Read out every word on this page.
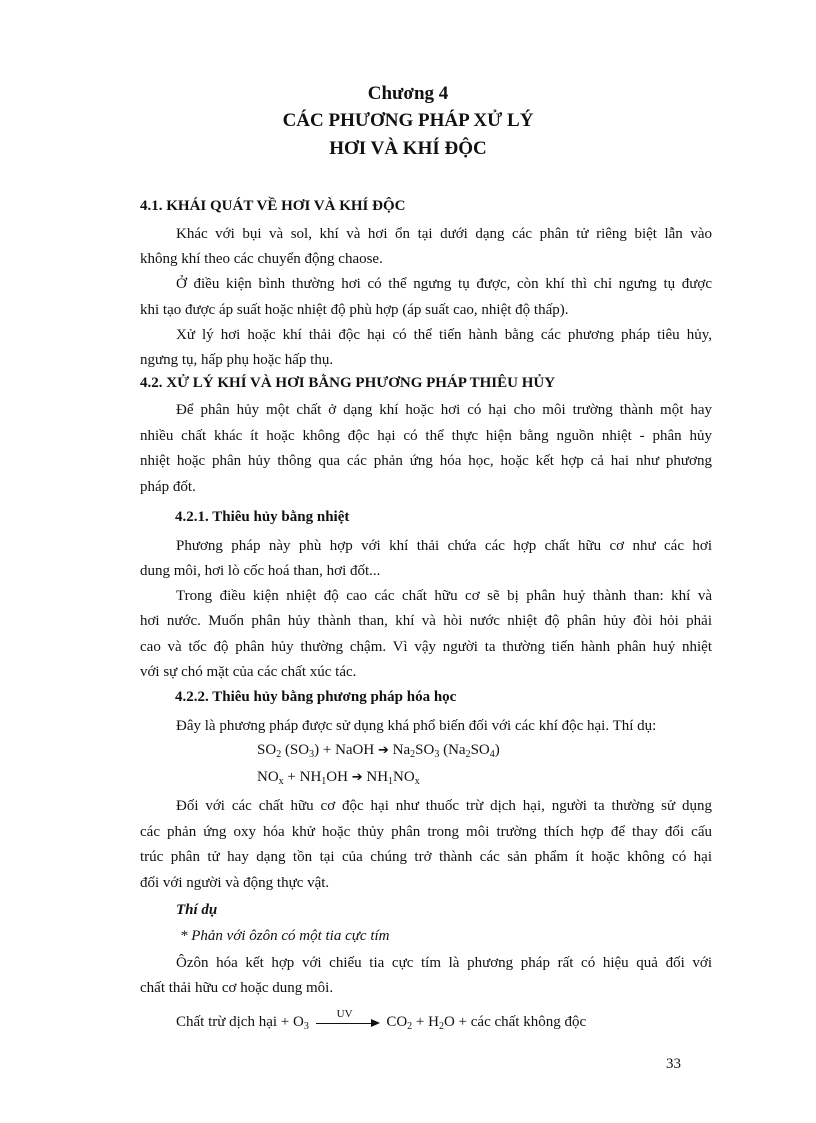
Chương 4
CÁC PHƯƠNG PHÁP XỬ LÝ
HƠI VÀ KHÍ ĐỘC
4.1. KHÁI QUÁT VỀ HƠI VÀ KHÍ ĐỘC
Khác với bụi và sol, khí và hơi ổn tại dưới dạng các phân tử riêng biệt lẫn vào
không khí theo các chuyển động chaose.
Ở điều kiện bình thường hơi có thể ngưng tụ được, còn khí thì chỉ ngưng tụ được
khi tạo được áp suất hoặc nhiệt độ phù hợp (áp suất cao, nhiệt độ thấp).
Xử lý hơi hoặc khí thải độc hại có thể tiến hành bằng các phương pháp tiêu hủy,
ngưng tụ, hấp phụ hoặc hấp thụ.
4.2. XỬ LÝ KHÍ VÀ HƠI BẰNG PHƯƠNG PHÁP THIÊU HỦY
Để phân hủy một chất ở dạng khí hoặc hơi có hại cho môi trường thành một hay
nhiều chất khác ít hoặc không độc hại có thể thực hiện bằng nguồn nhiệt - phân hủy
nhiệt hoặc phân hủy thông qua các phản ứng hóa học, hoặc kết hợp cả hai như phương
pháp đốt.
4.2.1. Thiêu hủy bằng nhiệt
Phương pháp này phù hợp với khí thải chứa các hợp chất hữu cơ như các hơi
dung môi, hơi lò cốc hoá than, hơi đốt...
Trong điều kiện nhiệt độ cao các chất hữu cơ sẽ bị phân huỷ thành than: khí và
hơi nước. Muốn phân hủy thành than, khí và hòi nước nhiệt độ phân hủy đòi hỏi phải
cao và tốc độ phân hủy thường chậm. Vì vậy người ta thường tiến hành phân huỷ nhiệt
với sự chó mặt của các chất xúc tác.
4.2.2. Thiêu hủy bằng phương pháp hóa học
Đây là phương pháp được sử dụng khá phổ biến đối với các khí độc hại. Thí dụ:
$SO_2$ $(SO_3)$ + NaOH ➔ $Na_2SO_3$ $(Na_2SO_4)$
$NO_x + NH_1OH$ ➔ $NH_1NO_x$
Đối với các chất hữu cơ độc hại như thuốc trừ dịch hại, người ta thường sử dụng
các phản ứng oxy hóa khử hoặc thủy phân trong môi trường thích hợp để thay đổi cấu
trúc phân tử hay dạng tồn tại của chúng trở thành các sản phẩm ít hoặc không có hại
đối với người và động thực vật.
Thí dụ
* Phản với ôzôn có một tia cực tím
Ôzôn hóa kết hợp với chiếu tia cực tím là phương pháp rất có hiệu quả đối với
chất thải hữu cơ hoặc dung môi.
Chất trừ dịch hại + $O_3$
UV
$CO_2 + H_2O$ + các chất không độc
33
